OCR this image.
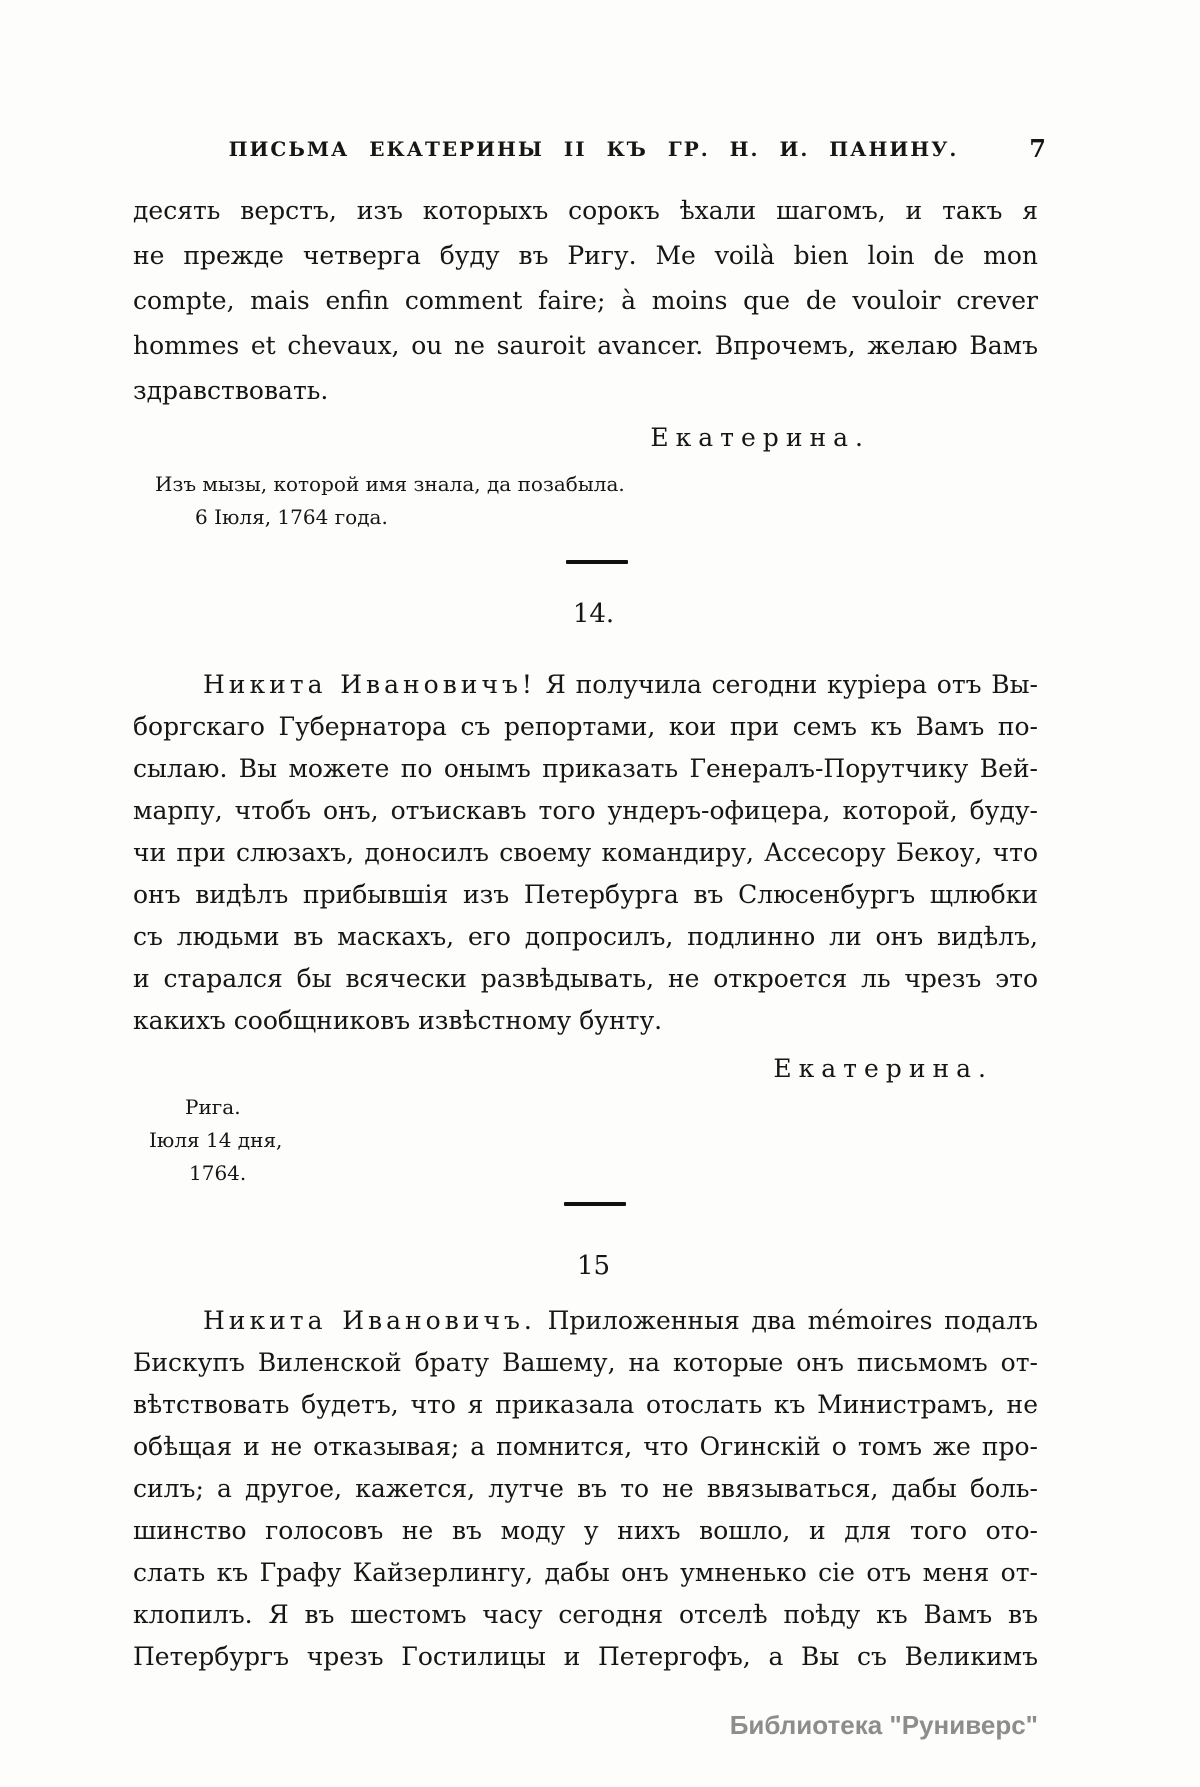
ПИСЬМА ЕКАТЕРИНЫ II КЪ ГР. Н. И. ПАНИНУ.	7
десять верстъ, изъ которыхъ сорокъ ѣхали шагомъ, и такъ я
не прежде четверга буду въ Ригу. Me voilà bien loin de mon
compte, mais enfin comment faire; à moins que de vouloir crever
hommes et chevaux, ou ne sauroit avancer. Впрочемъ, желаю Вамъ
здравствовать.
Екатерина.
Изъ мызы, которой имя знала, да позабыла.
6 Іюля, 1764 года.
14.
Никита Ивановичъ! Я получила сегодни куріера отъ Вы-
боргскаго Губернатора съ репортами, кои при семъ къ Вамъ по-
сылаю. Вы можете по онымъ приказать Генералъ-Порутчику Вей-
марпу, чтобъ онъ, отъискавъ того ундеръ-офицера, которой, буду-
чи при слюзахъ, доносилъ своему командиру, Ассесору Бекоу, что
онъ видѣлъ прибывшія изъ Петербурга въ Слюсенбургъ щлюбки
съ людьми въ маскахъ, его допросилъ, подлинно ли онъ видѣлъ,
и старался бы всячески развѣдывать, не откроется ль чрезъ это
какихъ сообщниковъ извѣстному бунту.
Екатерина.
Рига.
Іюля 14 дня,
1764.
15
Никита Ивановичъ. Приложенныя два mémoires подалъ
Бискупъ Виленской брату Вашему, на которые онъ письмомъ от-
вѣтствовать будетъ, что я приказала отослать къ Министрамъ, не
обѣщая и не отказывая; а помнится, что Огинскій о томъ же про-
силъ; а другое, кажется, лутче въ то не ввязываться, дабы боль-
шинство голосовъ не въ моду у нихъ вошло, и для того ото-
слать къ Графу Кайзерлингу, дабы онъ умненько сіе отъ меня от-
клопилъ. Я въ шестомъ часу сегодня отселѣ поѣду къ Вамъ въ
Петербургъ чрезъ Гостилицы и Петергофъ, а Вы съ Великимъ
Библиотека "Руниверс"
